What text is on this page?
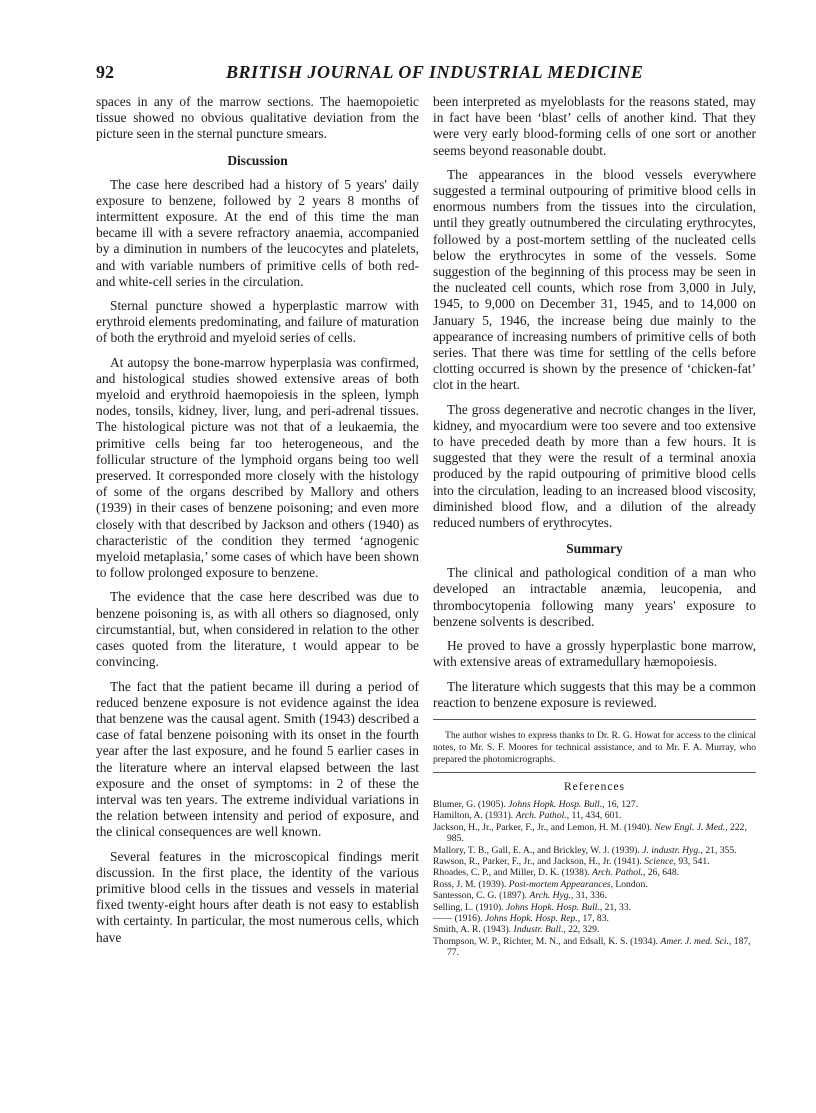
92	BRITISH JOURNAL OF INDUSTRIAL MEDICINE

spaces in any of the marrow sections. The haemopoietic tissue showed no obvious qualitative deviation from the picture seen in the sternal puncture smears.

Discussion

The case here described had a history of 5 years' daily exposure to benzene, followed by 2 years 8 months of intermittent exposure. At the end of this time the man became ill with a severe refractory anaemia, accompanied by a diminution in numbers of the leucocytes and platelets, and with variable numbers of primitive cells of both red- and white-cell series in the circulation.

Sternal puncture showed a hyperplastic marrow with erythroid elements predominating, and failure of maturation of both the erythroid and myeloid series of cells.

At autopsy the bone-marrow hyperplasia was confirmed, and histological studies showed extensive areas of both myeloid and erythroid haemopoiesis in the spleen, lymph nodes, tonsils, kidney, liver, lung, and peri-adrenal tissues. The histological picture was not that of a leukaemia, the primitive cells being far too heterogeneous, and the follicular structure of the lymphoid organs being too well preserved. It corresponded more closely with the histology of some of the organs described by Mallory and others (1939) in their cases of benzene poisoning; and even more closely with that described by Jackson and others (1940) as characteristic of the condition they termed ‘agnogenic myeloid metaplasia,’ some cases of which have been shown to follow prolonged exposure to benzene.

The evidence that the case here described was due to benzene poisoning is, as with all others so diagnosed, only circumstantial, but, when considered in relation to the other cases quoted from the literature, t would appear to be convincing.

The fact that the patient became ill during a period of reduced benzene exposure is not evidence against the idea that benzene was the causal agent. Smith (1943) described a case of fatal benzene poisoning with its onset in the fourth year after the last exposure, and he found 5 earlier cases in the literature where an interval elapsed between the last exposure and the onset of symptoms: in 2 of these the interval was ten years. The extreme individual variations in the relation between intensity and period of exposure, and the clinical consequences are well known.

Several features in the microscopical findings merit discussion. In the first place, the identity of the various primitive blood cells in the tissues and vessels in material fixed twenty-eight hours after death is not easy to establish with certainty. In particular, the most numerous cells, which have

been interpreted as myeloblasts for the reasons stated, may in fact have been ‘blast’ cells of another kind. That they were very early blood-forming cells of one sort or another seems beyond reasonable doubt.

The appearances in the blood vessels everywhere suggested a terminal outpouring of primitive blood cells in enormous numbers from the tissues into the circulation, until they greatly outnumbered the circulating erythrocytes, followed by a post-mortem settling of the nucleated cells below the erythrocytes in some of the vessels. Some suggestion of the beginning of this process may be seen in the nucleated cell counts, which rose from 3,000 in July, 1945, to 9,000 on December 31, 1945, and to 14,000 on January 5, 1946, the increase being due mainly to the appearance of increasing numbers of primitive cells of both series. That there was time for settling of the cells before clotting occurred is shown by the presence of ‘chicken-fat’ clot in the heart.

The gross degenerative and necrotic changes in the liver, kidney, and myocardium were too severe and too extensive to have preceded death by more than a few hours. It is suggested that they were the result of a terminal anoxia produced by the rapid outpouring of primitive blood cells into the circulation, leading to an increased blood viscosity, diminished blood flow, and a dilution of the already reduced numbers of erythrocytes.

Summary

The clinical and pathological condition of a man who developed an intractable anæmia, leucopenia, and thrombocytopenia following many years' exposure to benzene solvents is described.

He proved to have a grossly hyperplastic bone marrow, with extensive areas of extramedullary hæmopoiesis.

The literature which suggests that this may be a common reaction to benzene exposure is reviewed.

The author wishes to express thanks to Dr. R. G. Howat for access to the clinical notes, to Mr. S. F. Moores for technical assistance, and to Mr. F. A. Murray, who prepared the photomicrographs.

References
Blumer, G. (1905). Johns Hopk. Hosp. Bull., 16, 127.
Hamilton, A. (1931). Arch. Pathol., 11, 434, 601.
Jackson, H., Jr., Parker, F., Jr., and Lemon, H. M. (1940). New Engl. J. Med., 222, 985.
Mallory, T. B., Gall, E. A., and Brickley, W. J. (1939). J. industr. Hyg., 21, 355.
Rawson, R., Parker, F., Jr., and Jackson, H., Jr. (1941). Science, 93, 541.
Rhoades, C. P., and Miller, D. K. (1938). Arch. Pathol., 26, 648.
Ross, J. M. (1939). Post-mortem Appearances, London.
Santesson, C. G. (1897). Arch. Hyg., 31, 336.
Selling, L. (1910). Johns Hopk. Hosp. Bull., 21, 33.
—— (1916). Johns Hopk. Hosp. Rep., 17, 83.
Smith, A. R. (1943). Industr. Bull., 22, 329.
Thompson, W. P., Richter, M. N., and Edsall, K. S. (1934). Amer. J. med. Sci., 187, 77.
